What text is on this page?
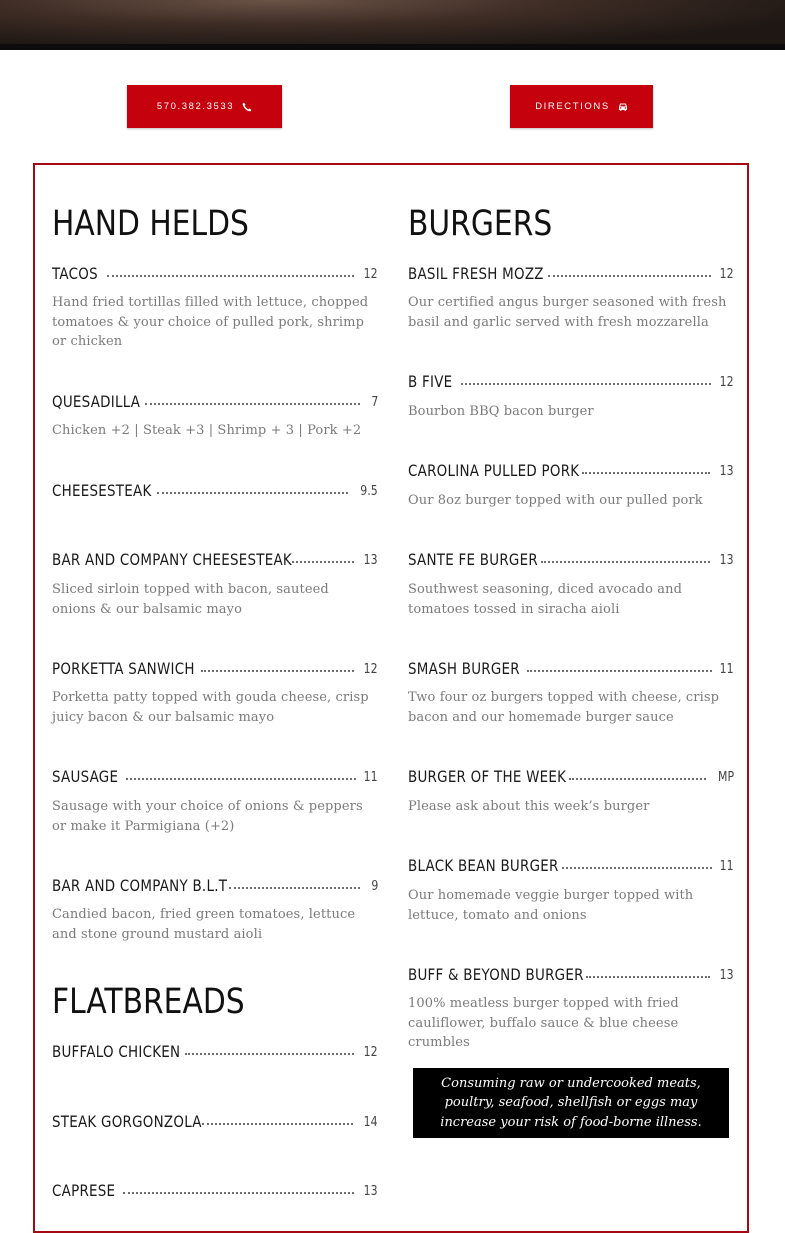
570.382.3533	DIRECTIONS
HAND HELDS
TACOS	12

Hand fried tortillas filled with lettuce, chopped tomatoes & your choice of pulled pork, shrimp or chicken

QUESADILLA	7

Chicken +2 | Steak +3 | Shrimp + 3 | Pork +2

CHEESESTEAK	9.5
BAR AND COMPANY CHEESESTEAK	13

Sliced sirloin topped with bacon, sauteed onions & our balsamic mayo

PORKETTA SANWICH	12

Porketta patty topped with gouda cheese, crisp juicy bacon & our balsamic mayo

SAUSAGE	11

Sausage with your choice of onions & peppers or make it Parmigiana (+2)

BAR AND COMPANY B.L.T	9

Candied bacon, fried green tomatoes, lettuce and stone ground mustard aioli

FLATBREADS
BUFFALO CHICKEN	12
STEAK GORGONZOLA	14
CAPRESE	13
BURGERS
BASIL FRESH MOZZ	12

Our certified angus burger seasoned with fresh basil and garlic served with fresh mozzarella

B FIVE	12

Bourbon BBQ bacon burger

CAROLINA PULLED PORK	13

Our 8oz burger topped with our pulled pork

SANTE FE BURGER	13

Southwest seasoning, diced avocado and tomatoes tossed in siracha aioli

SMASH BURGER	11

Two four oz burgers topped with cheese, crisp bacon and our homemade burger sauce

BURGER OF THE WEEK	MP

Please ask about this week’s burger

BLACK BEAN BURGER	11

Our homemade veggie burger topped with lettuce, tomato and onions

BUFF & BEYOND BURGER	13

100% meatless burger topped with fried cauliflower, buffalo sauce & blue cheese crumbles

Consuming raw or undercooked meats, poultry, seafood, shellfish or eggs may increase your risk of food-borne illness.
